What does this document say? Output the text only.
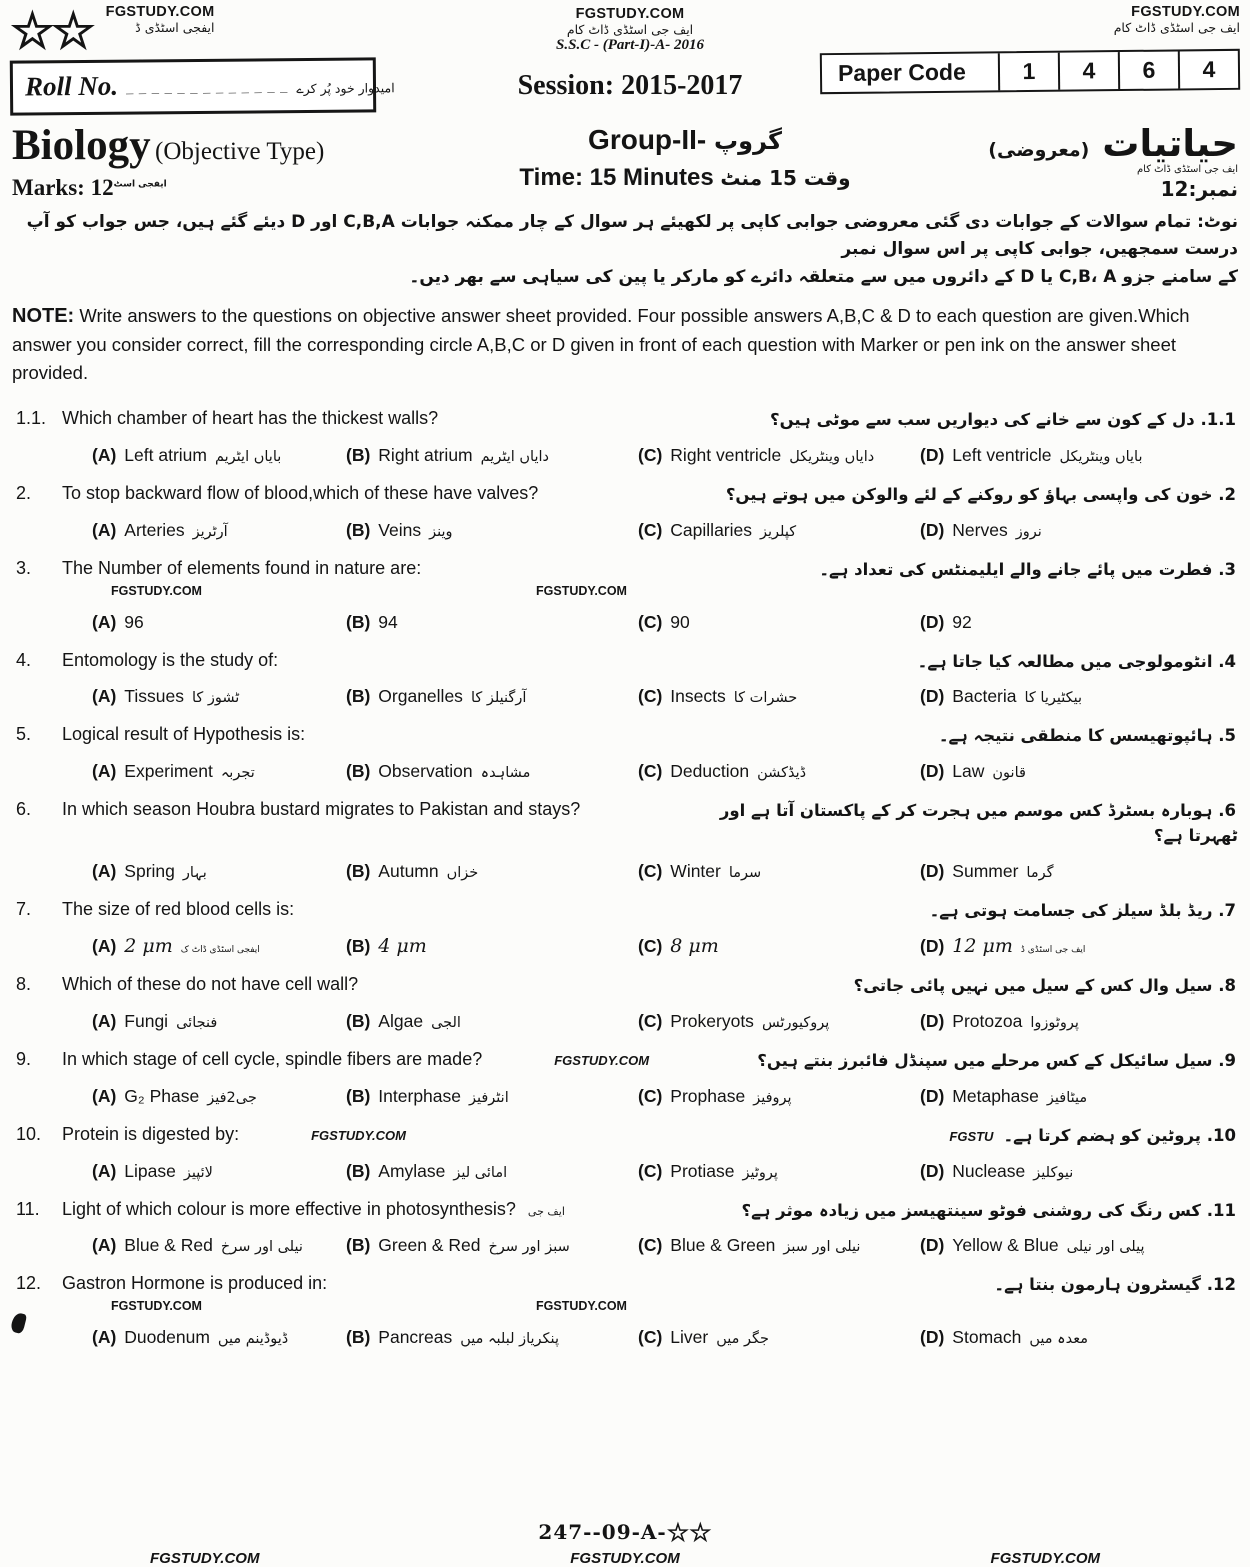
☆☆ FGSTUDY.COM
ایفجی اسٹڈی ڈ
Roll No. _ _ _ _ _ _ _ _ _ _ _ _ _ امیدوار خود پُر کرے
FGSTUDY.COM
ایف جی اسٹڈی ڈاٹ کام
S.S.C - (Part-I)-A- 2016
Session: 2015-2017
FGSTUDY.COM
ایف جی اسٹڈی ڈاٹ کام
Paper Code	1	4	6	4
Biology (Objective Type)
Marks: $12^{ایفجی اسٹ}$
Group-II- گروپ
Time: 15 Minutes وقت 15 منٹ
حیاتیات (معروضی)
ایف جی اسٹڈی ڈاٹ کام
نمبر:12
نوٹ: تمام سوالات کے جوابات دی گئی معروضی جوابی کاپی پر لکھیئے ہر سوال کے چار ممکنہ جوابات C,B,A اور D دیئے گئے ہیں، جس جواب کو آپ درست سمجھیں، جوابی کاپی پر اس سوال نمبر
کے سامنے جزو C,B، A یا D کے دائروں میں سے متعلقہ دائرے کو مارکر یا پین کی سیاہی سے بھر دیں۔
NOTE: Write answers to the questions on objective answer sheet provided. Four possible answers A,B,C & D to each question are given.Which answer you consider correct, fill the corresponding circle A,B,C or D given in front of each question with Marker or pen ink on the answer sheet provided.
1.1. Which chamber of heart has the thickest walls?	1.1. دل کے کون سے خانے کی دیواریں سب سے موٹی ہیں؟
(A) Left atrium بایاں ایٹریم	(B) Right atrium دایاں ایٹریم	(C) Right ventricle دایاں وینٹریکل	(D) Left ventricle بایاں وینٹریکل
2.	To stop backward flow of blood,which of these have valves?	2. خون کی واپسی بہاؤ کو روکنے کے لئے والوکن میں ہوتے ہیں؟
(A) Arteries آرٹریز	(B) Veins وینز	(C) Capillaries کپلریز	(D) Nerves نروز
3.	The Number of elements found in nature are:	3. فطرت میں پائے جانے والے ایلیمنٹس کی تعداد ہے۔
FGSTUDY.COM	FGSTUDY.COM
(A) 96	(B) 94	(C) 90	(D) 92
4.	Entomology is the study of:	4. انٹومولوجی میں مطالعہ کیا جاتا ہے۔
(A) Tissues ٹشوز کا	(B) Organelles آرگنیلز کا	(C) Insects حشرات کا	(D) Bacteria بیکٹیریا کا
5.	Logical result of Hypothesis is:	5. ہائپوتھیسس کا منطقی نتیجہ ہے۔
(A) Experiment تجربہ	(B) Observation مشاہدہ	(C) Deduction ڈیڈکشن	(D) Law قانون
6.	In which season Houbra bustard migrates to Pakistan and stays?	6. ہوبارہ بسٹرڈ کس موسم میں ہجرت کر کے پاکستان آتا ہے اور ٹھہرتا ہے؟
(A) Spring بہار	(B) Autumn خزاں	(C) Winter سرما	(D) Summer گرما
7.	The size of red blood cells is:	7. ریڈ بلڈ سیلز کی جسامت ہوتی ہے۔
(A) 2 μm ایفجی اسٹڈی ڈاٹ ک	(B) 4 μm	(C) 8 μm	(D) 12 μm ایف جی اسٹڈی ڈ
8.	Which of these do not have cell wall?	8. سیل وال کس کے سیل میں نہیں پائی جاتی؟
(A) Fungi فنجائی	(B) Algae الجی	(C) Prokeryots پروکیورٹس	(D) Protozoa پروٹوزوا
9.	In which stage of cell cycle, spindle fibers are made?	FGSTUDY.COM	9. سیل سائیکل کے کس مرحلے میں سپنڈل فائبرز بنتے ہیں؟
(A) G₂ Phase جی2فیز	(B) Interphase انٹرفیز	(C) Prophase پروفیز	(D) Metaphase میٹافیز
10.	Protein is digested by:	FGSTUDY.COM	FGSTU	10. پروٹین کو ہضم کرتا ہے۔
(A) Lipase لائپیز	(B) Amylase امائی لیز	(C) Protiase پروٹیز	(D) Nuclease نیوکلیز
11.	Light of which colour is more effective in photosynthesis? ایف جی	11. کس رنگ کی روشنی فوٹو سینتھیسز میں زیادہ موثر ہے؟
(A) Blue & Red نیلی اور سرخ (B) Green & Red سبز اور سرخ	(C) Blue & Green نیلی اور سبز	(D) Yellow & Blue پیلی اور نیلی
12.	Gastron Hormone is produced in:	12. گیسٹرون ہارمون بنتا ہے۔
FGSTUDY.COM	FGSTUDY.COM
(A) Duodenum ڈیوڈینم میں	(B) Pancreas پنکریاز لبلبہ میں	(C) Liver جگر میں	(D) Stomach معدہ میں
247--09-A-☆☆
FGSTUDY.COM	FGSTUDY.COM	FGSTUDY.COM
